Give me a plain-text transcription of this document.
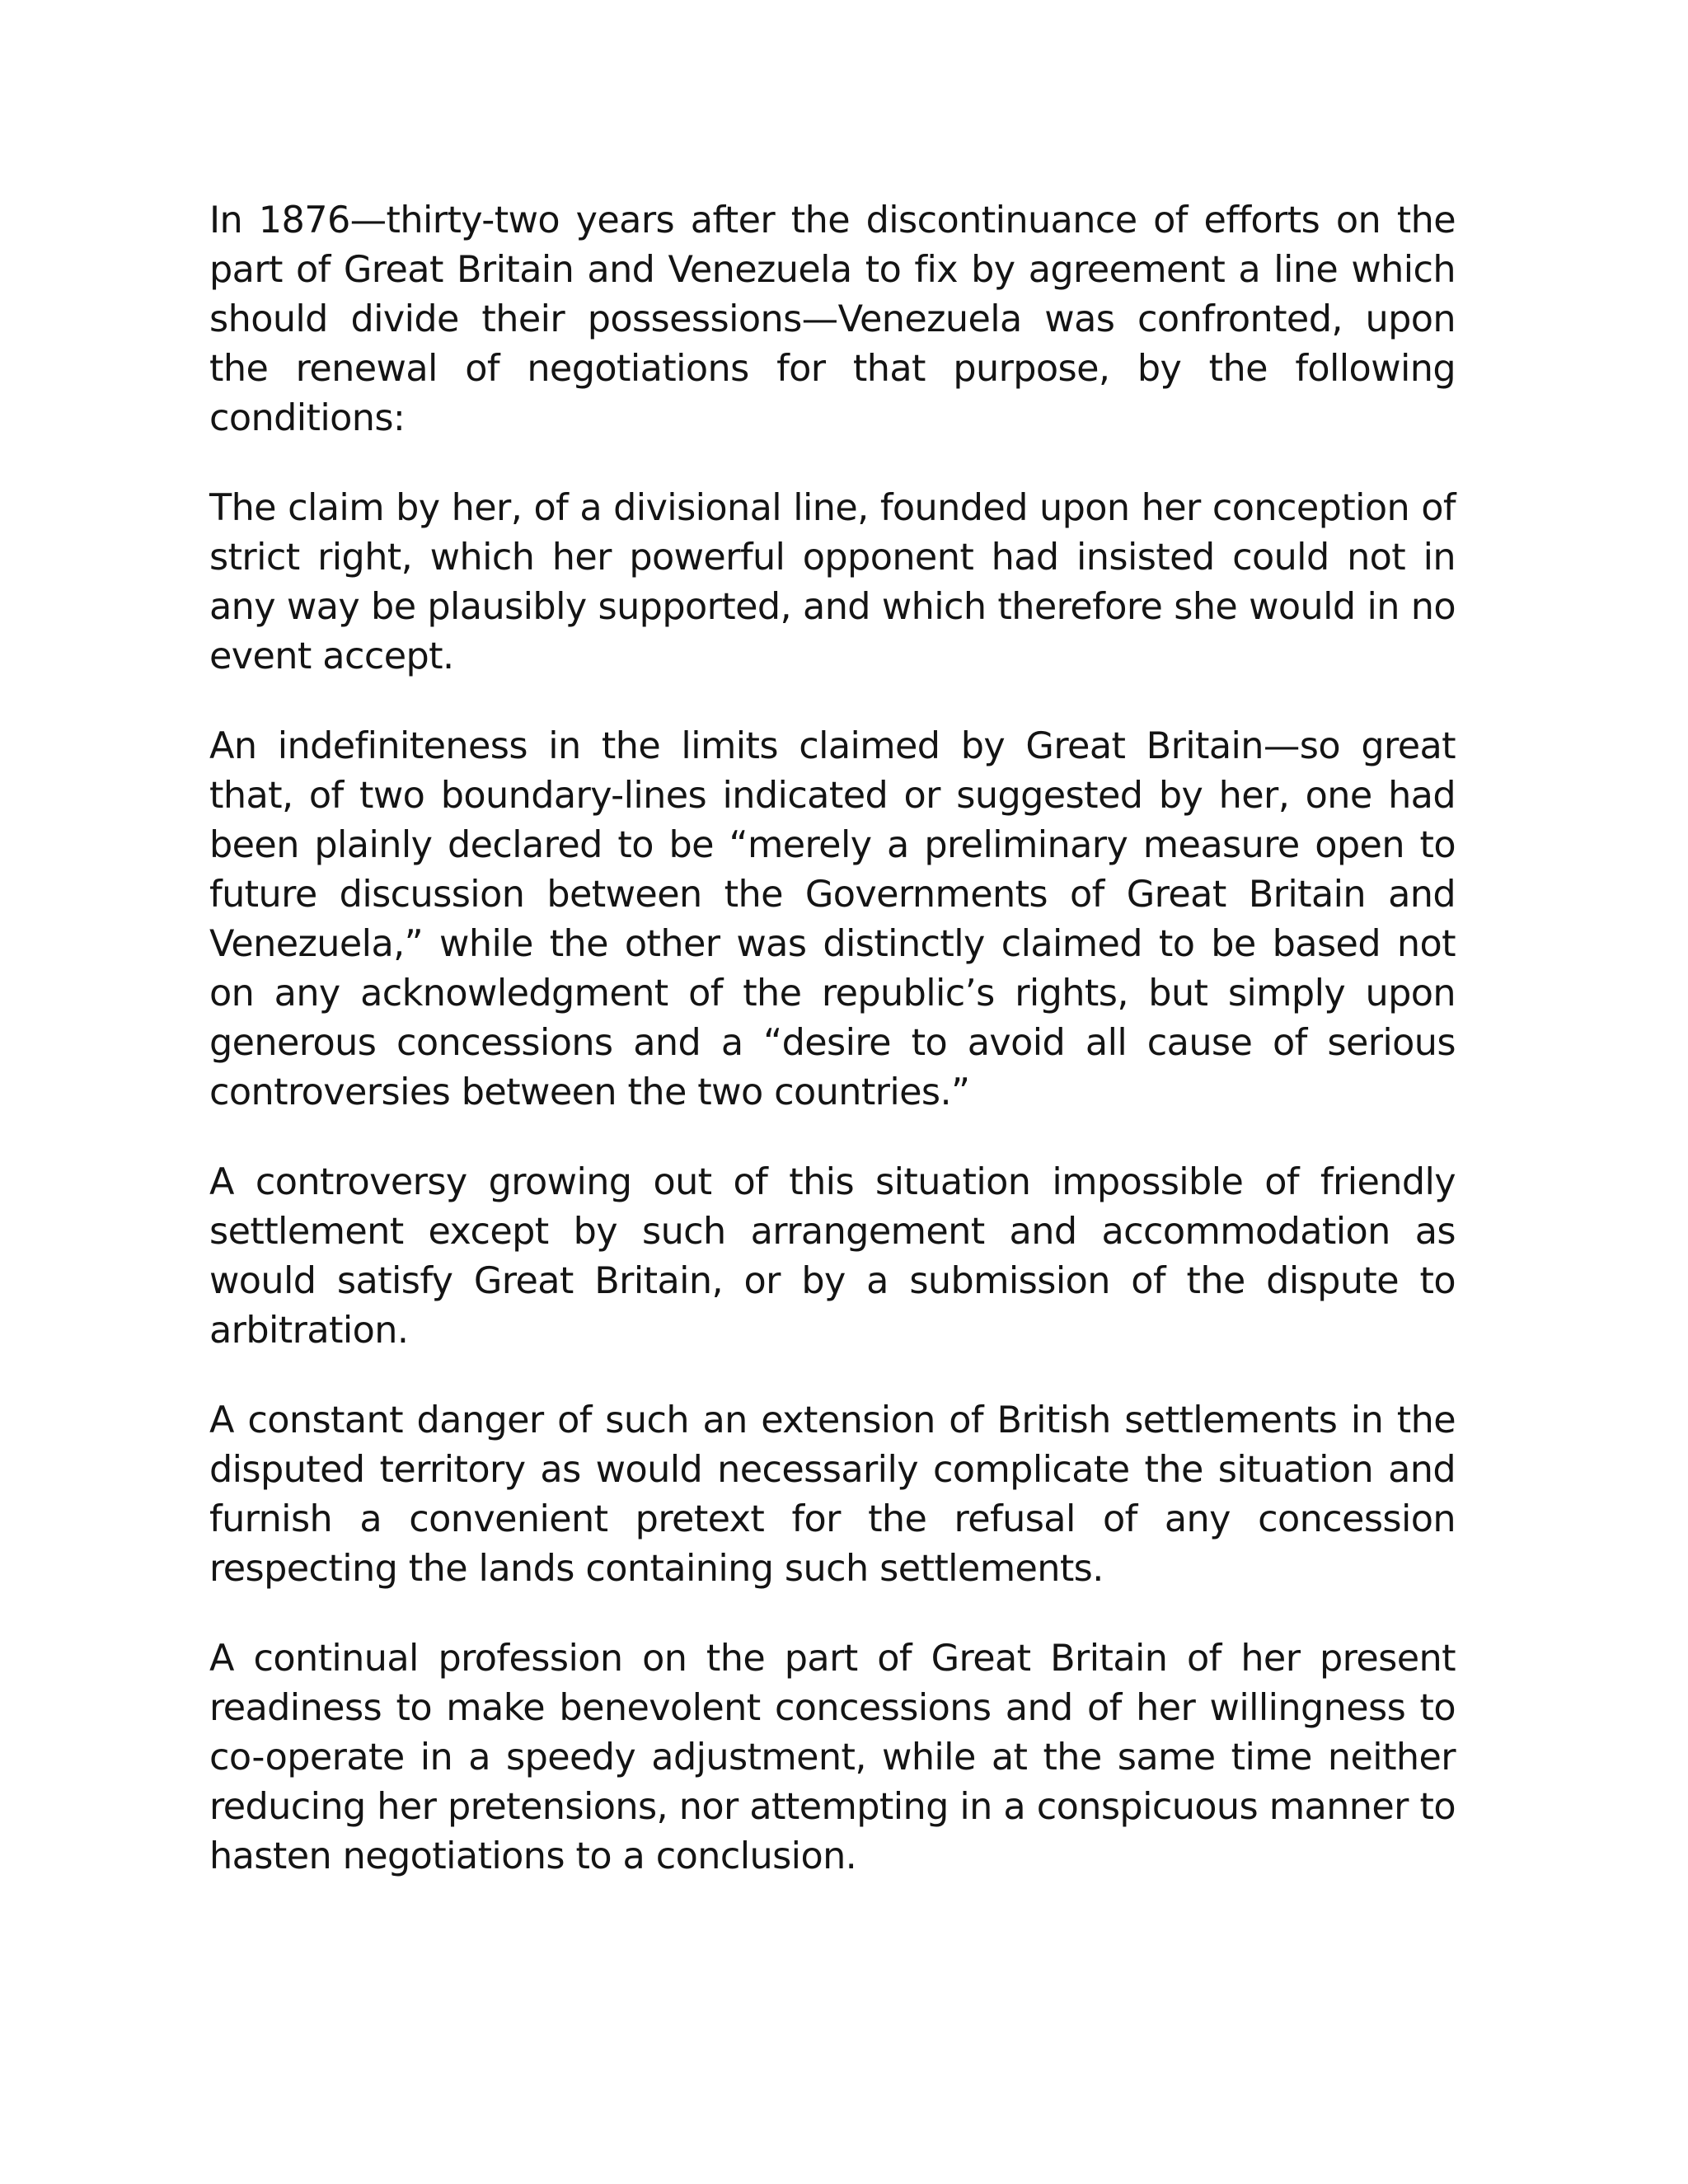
In 1876—thirty-two years after the discontinuance of efforts on the part of Great Britain and Venezuela to fix by agreement a line which should divide their possessions—Venezuela was confronted, upon the renewal of negotiations for that purpose, by the following conditions:

The claim by her, of a divisional line, founded upon her conception of strict right, which her powerful opponent had insisted could not in any way be plausibly supported, and which therefore she would in no event accept.

An indefiniteness in the limits claimed by Great Britain—so great that, of two boundary-lines indicated or suggested by her, one had been plainly declared to be “merely a preliminary measure open to future discussion between the Governments of Great Britain and Venezuela,” while the other was distinctly claimed to be based not on any acknowledgment of the republic’s rights, but simply upon generous concessions and a “desire to avoid all cause of serious controversies between the two countries.”

A controversy growing out of this situation impossible of friendly settlement except by such arrangement and accommodation as would satisfy Great Britain, or by a submission of the dispute to arbitration.

A constant danger of such an extension of British settlements in the disputed territory as would necessarily complicate the situation and furnish a convenient pretext for the refusal of any concession respecting the lands containing such settlements.

A continual profession on the part of Great Britain of her present readiness to make benevolent concessions and of her willingness to co-operate in a speedy adjustment, while at the same time neither reducing her pretensions, nor attempting in a conspicuous manner to hasten negotiations to a conclusion.
